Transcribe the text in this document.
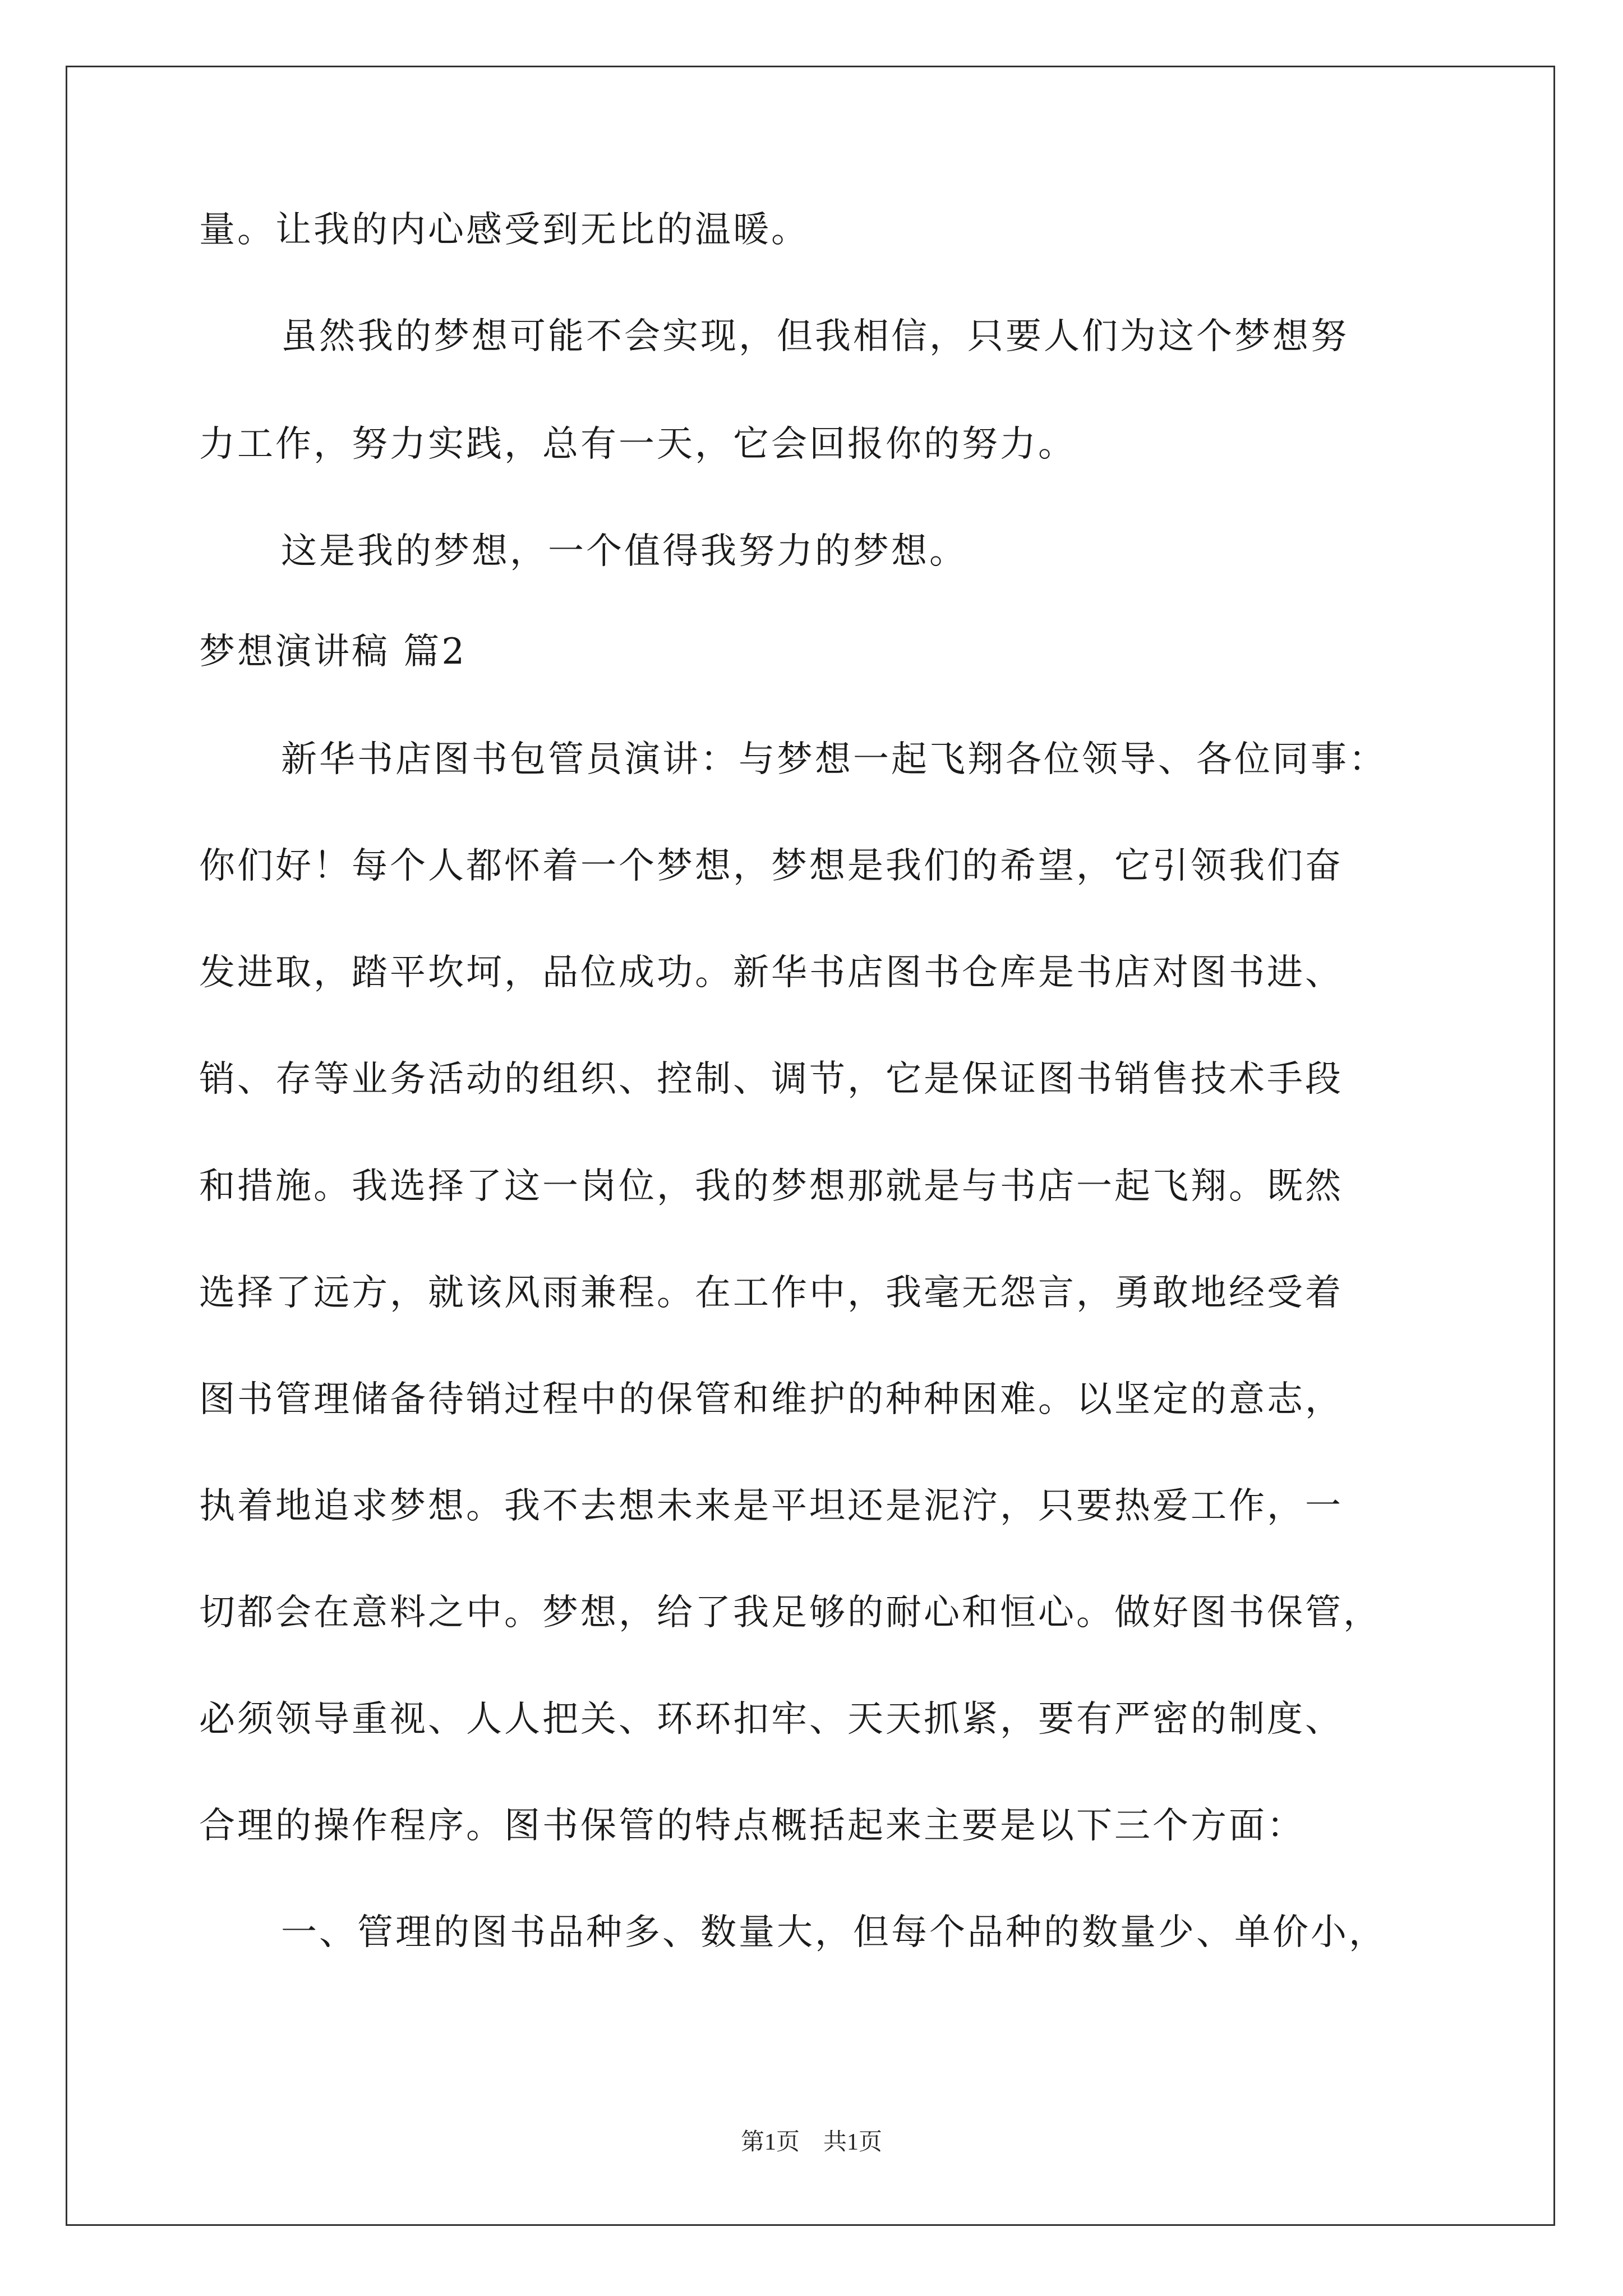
量。让我的内心感受到无比的温暖。
虽然我的梦想可能不会实现，但我相信，只要人们为这个梦想努
力工作，努力实践，总有一天，它会回报你的努力。
这是我的梦想，一个值得我努力的梦想。
梦想演讲稿 篇2
新华书店图书包管员演讲：与梦想一起飞翔各位领导、各位同事：
你们好！每个人都怀着一个梦想，梦想是我们的希望，它引领我们奋
发进取，踏平坎坷，品位成功。新华书店图书仓库是书店对图书进、
销、存等业务活动的组织、控制、调节，它是保证图书销售技术手段
和措施。我选择了这一岗位，我的梦想那就是与书店一起飞翔。既然
选择了远方，就该风雨兼程。在工作中，我毫无怨言，勇敢地经受着
图书管理储备待销过程中的保管和维护的种种困难。以坚定的意志，
执着地追求梦想。我不去想未来是平坦还是泥泞，只要热爱工作，一
切都会在意料之中。梦想，给了我足够的耐心和恒心。做好图书保管，
必须领导重视、人人把关、环环扣牢、天天抓紧，要有严密的制度、
合理的操作程序。图书保管的特点概括起来主要是以下三个方面：
一、管理的图书品种多、数量大，但每个品种的数量少、单价小，
第1页　共1页
